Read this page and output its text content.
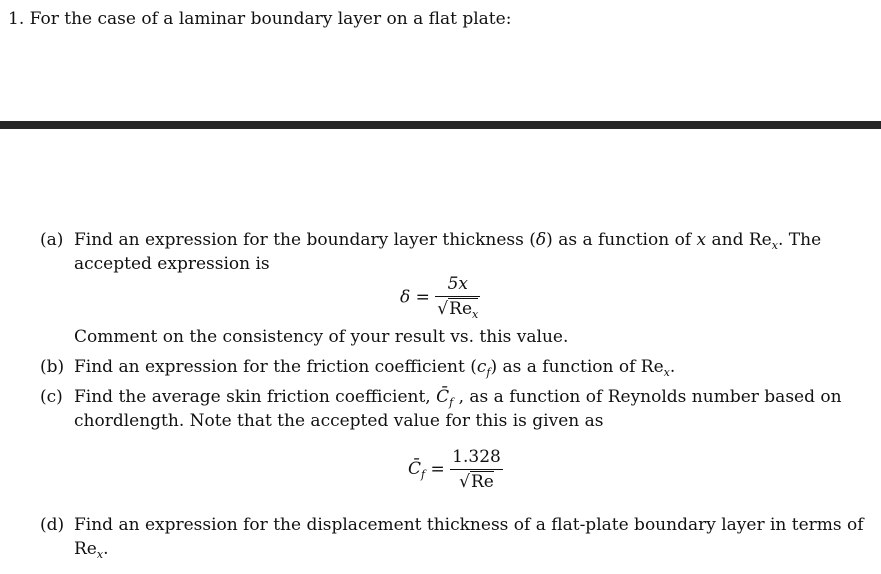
1. For the case of a laminar boundary layer on a flat plate:
(a) Find an expression for the boundary layer thickness (δ) as a function of x and $Re_x$. The
accepted expression is
$\delta = \frac{5x}{√Re_x}$
Comment on the consistency of your result vs. this value.
(b) Find an expression for the friction coefficient $(c_f)$ as a function of $Re_x$.
(c) Find the average skin friction coefficient, $C̄_f$ , as a function of Reynolds number based on
chordlength. Note that the accepted value for this is given as
$C̄_f = \frac{1.328}{√Re}$
(d) Find an expression for the displacement thickness of a flat-plate boundary layer in terms of
$Re_x$.
